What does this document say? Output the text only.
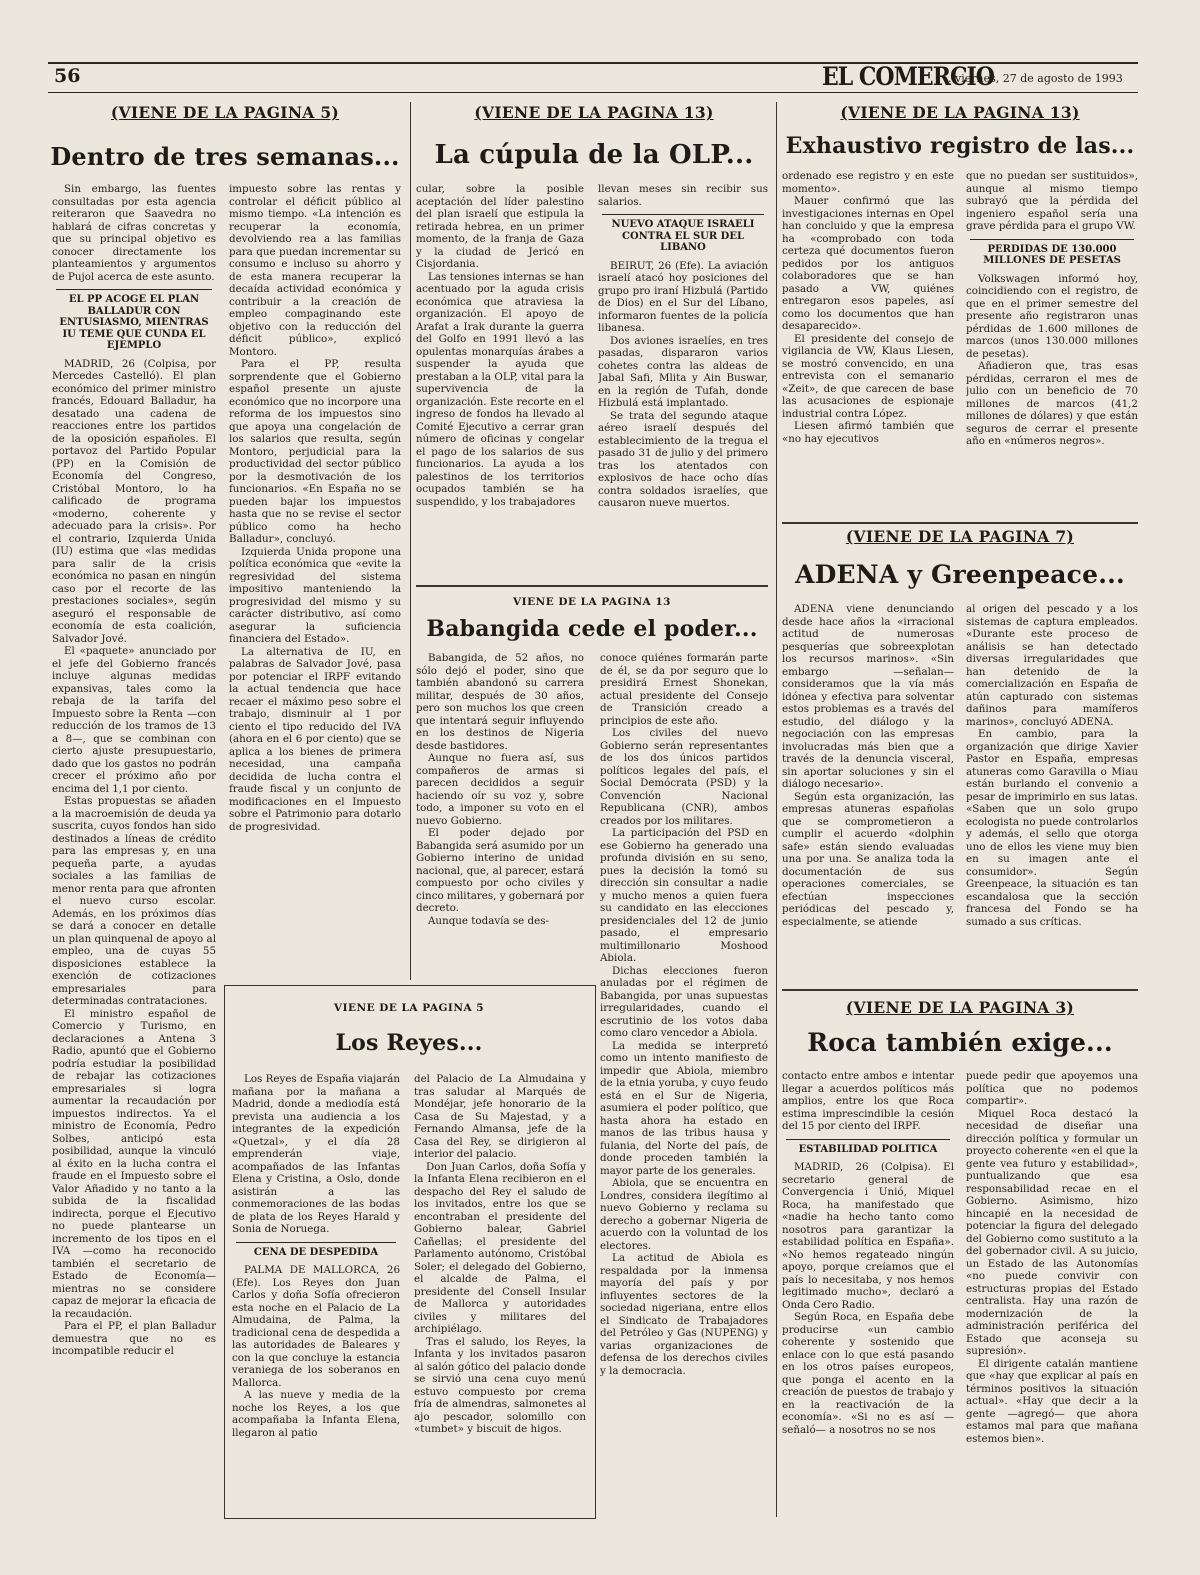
56	EL COMERCIO
. viernes, 27 de agosto de 1993
(VIENE DE LA PAGINA 5)
Dentro de tres semanas...

Sin embargo, las fuentes consultadas por esta agencia reiteraron que Saavedra no hablará de cifras concretas y que su principal objetivo es conocer directamente los planteamientos y argumentos de Pujol acerca de este asunto.

EL PP ACOGE EL PLAN BALLADUR CON ENTUSIASMO, MIENTRAS IU TEME QUE CUNDA EL EJEMPLO

MADRID, 26 (Colpisa, por Mercedes Castelló). El plan económico del primer ministro francés, Edouard Balladur, ha desatado una cadena de reacciones entre los partidos de la oposición españoles. El portavoz del Partido Popular (PP) en la Comisión de Economía del Congreso, Cristóbal Montoro, lo ha calificado de programa «moderno, coherente y adecuado para la crisis». Por el contrario, Izquierda Unida (IU) estima que «las medidas para salir de la crisis económica no pasan en ningún caso por el recorte de las prestaciones sociales», según aseguró el responsable de economía de esta coalición, Salvador Jové.

El «paquete» anunciado por el jefe del Gobierno francés incluye algunas medidas expansivas, tales como la rebaja de la tarifa del Impuesto sobre la Renta —con reducción de los tramos de 13 a 8—, que se combinan con cierto ajuste presupuestario, dado que los gastos no podrán crecer el próximo año por encima del 1,1 por ciento.

Estas propuestas se añaden a la macroemisión de deuda ya suscrita, cuyos fondos han sido destinados a líneas de crédito para las empresas y, en una pequeña parte, a ayudas sociales a las familias de menor renta para que afronten el nuevo curso escolar. Además, en los próximos días se dará a conocer en detalle un plan quinquenal de apoyo al empleo, una de cuyas 55 disposiciones establece la exención de cotizaciones empresariales para determinadas contrataciones.

El ministro español de Comercio y Turismo, en declaraciones a Antena 3 Radio, apuntó que el Gobierno podría estudiar la posibilidad de rebajar las cotizaciones empresariales si logra aumentar la recaudación por impuestos indirectos. Ya el ministro de Economía, Pedro Solbes, anticipó esta posibilidad, aunque la vinculó al éxito en la lucha contra el fraude en el Impuesto sobre el Valor Añadido y no tanto a la subida de la fiscalidad indirecta, porque el Ejecutivo no puede plantearse un incremento de los tipos en el IVA —como ha reconocido también el secretario de Estado de Economía— mientras no se considere capaz de mejorar la eficacia de la recaudación.

Para el PP, el plan Balladur demuestra que no es incompatible reducir el

impuesto sobre las rentas y controlar el déficit público al mismo tiempo. «La intención es recuperar la economía, devolviendo rea a las familias para que puedan incrementar su consumo e incluso su ahorro y de esta manera recuperar la decaída actividad económica y contribuir a la creación de empleo compaginando este objetivo con la reducción del déficit público», explicó Montoro.

Para el PP, resulta sorprendente que el Gobierno español presente un ajuste económico que no incorpore una reforma de los impuestos sino que apoya una congelación de los salarios que resulta, según Montoro, perjudicial para la productividad del sector público por la desmotivación de los funcionarios. «En España no se pueden bajar los impuestos hasta que no se revise el sector público como ha hecho Balladur», concluyó.

Izquierda Unida propone una política económica que «evite la regresividad del sistema impositivo manteniendo la progresividad del mismo y su carácter distributivo, así como asegurar la suficiencia financiera del Estado».

La alternativa de IU, en palabras de Salvador Jové, pasa por potenciar el IRPF evitando la actual tendencia que hace recaer el máximo peso sobre el trabajo, disminuir al 1 por ciento el tipo reducido del IVA (ahora en el 6 por ciento) que se aplica a los bienes de primera necesidad, una campaña decidida de lucha contra el fraude fiscal y un conjunto de modificaciones en el Impuesto sobre el Patrimonio para dotarlo de progresividad.

(VIENE DE LA PAGINA 13)
La cúpula de la OLP...

cular, sobre la posible aceptación del líder palestino del plan israelí que estipula la retirada hebrea, en un primer momento, de la franja de Gaza y la ciudad de Jericó en Cisjordania.

Las tensiones internas se han acentuado por la aguda crisis económica que atraviesa la organización. El apoyo de Arafat a Irak durante la guerra del Golfo en 1991 llevó a las opulentas monarquías árabes a suspender la ayuda que prestaban a la OLP, vital para la supervivencia de la organización. Este recorte en el ingreso de fondos ha llevado al Comité Ejecutivo a cerrar gran número de oficinas y congelar el pago de los salarios de sus funcionarios. La ayuda a los palestinos de los territorios ocupados también se ha suspendido, y los trabajadores

llevan meses sin recibir sus salarios.

NUEVO ATAQUE ISRAELI CONTRA EL SUR DEL LIBANO

BEIRUT, 26 (Efe). La aviación israelí atacó hoy posiciones del grupo pro iraní Hizbulá (Partido de Dios) en el Sur del Líbano, informaron fuentes de la policía libanesa.

Dos aviones israelíes, en tres pasadas, dispararon varios cohetes contra las aldeas de Jabal Safi, Mlita y Ain Buswar, en la región de Tufah, donde Hizbulá está implantado.

Se trata del segundo ataque aéreo israelí después del establecimiento de la tregua el pasado 31 de julio y del primero tras los atentados con explosivos de hace ocho días contra soldados israelíes, que causaron nueve muertos.

VIENE DE LA PAGINA 13
Babangida cede el poder...

Babangida, de 52 años, no sólo dejó el poder, sino que también abandonó su carrera militar, después de 30 años, pero son muchos los que creen que intentará seguir influyendo en los destinos de Nigeria desde bastidores.

Aunque no fuera así, sus compañeros de armas si parecen decididos a seguir haciendo oír su voz y, sobre todo, a imponer su voto en el nuevo Gobierno.

El poder dejado por Babangida será asumido por un Gobierno interino de unidad nacional, que, al parecer, estará compuesto por ocho civiles y cinco militares, y gobernará por decreto.

Aunque todavía se des-

conoce quiénes formarán parte de él, se da por seguro que lo presidirá Ernest Shonekan, actual presidente del Consejo de Transición creado a principios de este año.

Los civiles del nuevo Gobierno serán representantes de los dos únicos partidos políticos legales del país, el Social Demócrata (PSD) y la Convención Nacional Republicana (CNR), ambos creados por los militares.

La participación del PSD en ese Gobierno ha generado una profunda división en su seno, pues la decisión la tomó su dirección sin consultar a nadie y mucho menos a quien fuera su candidato en las elecciones presidenciales del 12 de junio pasado, el empresario multimillonario Moshood Abiola.

Dichas elecciones fueron anuladas por el régimen de Babangida, por unas supuestas irregularidades, cuando el escrutinio de los votos daba como claro vencedor a Abiola.

La medida se interpretó como un intento manifiesto de impedir que Abiola, miembro de la etnia yoruba, y cuyo feudo está en el Sur de Nigeria, asumiera el poder político, que hasta ahora ha estado en manos de las tribus hausa y fulania, del Norte del país, de donde proceden también la mayor parte de los generales.

Abiola, que se encuentra en Londres, considera ilegítimo al nuevo Gobierno y reclama su derecho a gobernar Nigeria de acuerdo con la voluntad de los electores.

La actitud de Abiola es respaldada por la inmensa mayoría del país y por influyentes sectores de la sociedad nigeriana, entre ellos el Sindicato de Trabajadores del Petróleo y Gas (NUPENG) y varias organizaciones de defensa de los derechos civiles y la democracia.

VIENE DE LA PAGINA 5
Los Reyes...

Los Reyes de España viajarán mañana por la mañana a Madrid, donde a mediodía está prevista una audiencia a los integrantes de la expedición «Quetzal», y el día 28 emprenderán viaje, acompañados de las Infantas Elena y Cristina, a Oslo, donde asistirán a las conmemoraciones de las bodas de plata de los Reyes Harald y Sonia de Noruega.

CENA DE DESPEDIDA

PALMA DE MALLORCA, 26 (Efe). Los Reyes don Juan Carlos y doña Sofía ofrecieron esta noche en el Palacio de La Almudaina, de Palma, la tradicional cena de despedida a las autoridades de Baleares y con la que concluye la estancia veraniega de los soberanos en Mallorca.

A las nueve y media de la noche los Reyes, a los que acompañaba la Infanta Elena, llegaron al patio

del Palacio de La Almudaina y tras saludar al Marqués de Mondéjar, jefe honorario de la Casa de Su Majestad, y a Fernando Almansa, jefe de la Casa del Rey, se dirigieron al interior del palacio.

Don Juan Carlos, doña Sofía y la Infanta Elena recibieron en el despacho del Rey el saludo de los invitados, entre los que se encontraban el presidente del Gobierno balear, Gabriel Cañellas; el presidente del Parlamento autónomo, Cristóbal Soler; el delegado del Gobierno, el alcalde de Palma, el presidente del Consell Insular de Mallorca y autoridades civiles y militares del archipiélago.

Tras el saludo, los Reyes, la Infanta y los invitados pasaron al salón gótico del palacio donde se sirvió una cena cuyo menú estuvo compuesto por crema fría de almendras, salmonetes al ajo pescador, solomillo con «tumbet» y biscuit de higos.

(VIENE DE LA PAGINA 13)
Exhaustivo registro de las...

ordenado ese registro y en este momento».

Mauer confirmó que las investigaciones internas en Opel han concluido y que la empresa ha «comprobado con toda certeza qué documentos fueron pedidos por los antiguos colaboradores que se han pasado a VW, quiénes entregaron esos papeles, así como los documentos que han desaparecido».

El presidente del consejo de vigilancia de VW, Klaus Liesen, se mostró convencido, en una entrevista con el semanario «Zeit», de que carecen de base las acusaciones de espionaje industrial contra López.

Liesen afirmó también que «no hay ejecutivos

que no puedan ser sustituidos», aunque al mismo tiempo subrayó que la pérdida del ingeniero español sería una grave pérdida para el grupo VW.

PERDIDAS DE 130.000 MILLONES DE PESETAS

Volkswagen informó hoy, coincidiendo con el registro, de que en el primer semestre del presente año registraron unas pérdidas de 1.600 millones de marcos (unos 130.000 millones de pesetas).

Añadieron que, tras esas pérdidas, cerraron el mes de julio con un beneficio de 70 millones de marcos (41,2 millones de dólares) y que están seguros de cerrar el presente año en «números negros».

(VIENE DE LA PAGINA 7)
ADENA y Greenpeace...

ADENA viene denunciando desde hace años la «irracional actitud de numerosas pesquerías que sobreexplotan los recursos marinos». «Sin embargo —señalan— consideramos que la vía más idónea y efectiva para solventar estos problemas es a través del estudio, del diálogo y la negociación con las empresas involucradas más bien que a través de la denuncia visceral, sin aportar soluciones y sin el diálogo necesario».

Según esta organización, las empresas atuneras españolas que se comprometieron a cumplir el acuerdo «dolphin safe» están siendo evaluadas una por una. Se analiza toda la documentación de sus operaciones comerciales, se efectúan inspecciones periódicas del pescado y, especialmente, se atiende

al origen del pescado y a los sistemas de captura empleados. «Durante este proceso de análisis se han detectado diversas irregularidades que han detenido de la comercialización en España de atún capturado con sistemas dañinos para mamíferos marinos», concluyó ADENA.

En cambio, para la organización que dirige Xavier Pastor en España, empresas atuneras como Garavilla o Miau están burlando el convenio a pesar de imprimirlo en sus latas. «Saben que un solo grupo ecologista no puede controlarlos y además, el sello que otorga uno de ellos les viene muy bien en su imagen ante el consumidor». Según Greenpeace, la situación es tan escandalosa que la sección francesa del Fondo se ha sumado a sus críticas.

(VIENE DE LA PAGINA 3)
Roca también exige...

contacto entre ambos e intentar llegar a acuerdos políticos más amplios, entre los que Roca estima imprescindible la cesión del 15 por ciento del IRPF.

ESTABILIDAD POLITICA

MADRID, 26 (Colpisa). El secretario general de Convergencia i Unió, Miquel Roca, ha manifestado que «nadie ha hecho tanto como nosotros para garantizar la estabilidad política en España». «No hemos regateado ningún apoyo, porque creíamos que el país lo necesitaba, y nos hemos legitimado mucho», declaró a Onda Cero Radio.

Según Roca, en España debe producirse «un cambio coherente y sostenido que enlace con lo que está pasando en los otros países europeos, que ponga el acento en la creación de puestos de trabajo y en la reactivación de la economía». «Si no es así —señaló— a nosotros no se nos

puede pedir que apoyemos una política que no podemos compartir».

Miquel Roca destacó la necesidad de diseñar una dirección política y formular un proyecto coherente «en el que la gente vea futuro y estabilidad», puntualizando que esa responsabilidad recae en el Gobierno. Asimismo, hizo hincapié en la necesidad de potenciar la figura del delegado del Gobierno como sustituto a la del gobernador civil. A su juicio, un Estado de las Autonomías «no puede convivir con estructuras propias del Estado centralista. Hay una razón de modernización de la administración periférica del Estado que aconseja su supresión».

El dirigente catalán mantiene que «hay que explicar al país en términos positivos la situación actual». «Hay que decir a la gente —agregó— que ahora estamos mal para que mañana estemos bien».
